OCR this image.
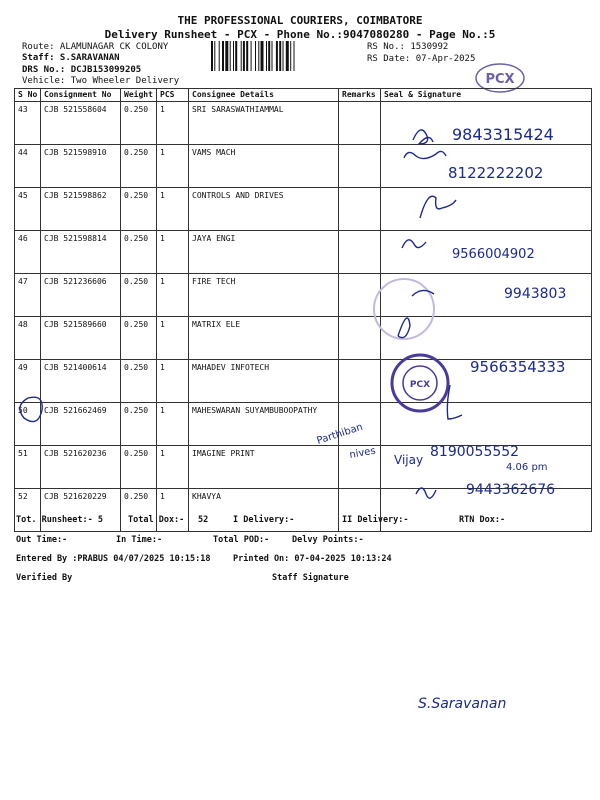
THE PROFESSIONAL COURIERS, COIMBATORE
Delivery Runsheet - PCX - Phone No.:9047080280 - Page No.:5
Route: ALAMUNAGAR CK COLONY
Staff: S.SARAVANAN
DRS No.: DCJB153099205
Vehicle: Two Wheeler Delivery
RS No.: 1530992
RS Date: 07-Apr-2025
PCX
S No	Consignment No	Weight	PCS	Consignee Details	Remarks	Seal & Signature
43	CJB 521558604	0.250	1	SRI SARASWATHIAMMAL		
44	CJB 521598910	0.250	1	VAMS MACH		
45	CJB 521598862	0.250	1	CONTROLS AND DRIVES		
46	CJB 521598814	0.250	1	JAYA ENGI		
47	CJB 521236606	0.250	1	FIRE TECH		
48	CJB 521589660	0.250	1	MATRIX ELE		
49	CJB 521400614	0.250	1	MAHADEV INFOTECH		
50	CJB 521662469	0.250	1	MAHESWARAN SUYAMBUBOOPATHY		
51	CJB 521620236	0.250	1	IMAGINE PRINT		
52	CJB 521620229	0.250	1	KHAVYA		
Tot. Runsheet:- 5	Total Dox:- 52	I Delivery:-	II Delivery:-	RTN Dox:-
Out Time:-	In Time:-	Total POD:-	Delvy Points:-
Entered By :PRABUS 04/07/2025 10:15:18	Printed On: 07-04-2025 10:13:24
Verified By	Staff Signature
PCX
9843315424
8122222202
9566004902
9943803
9566354333
Parthiban
nives Vijay 8190055552
4.06 pm
9443362676
S.Saravanan
